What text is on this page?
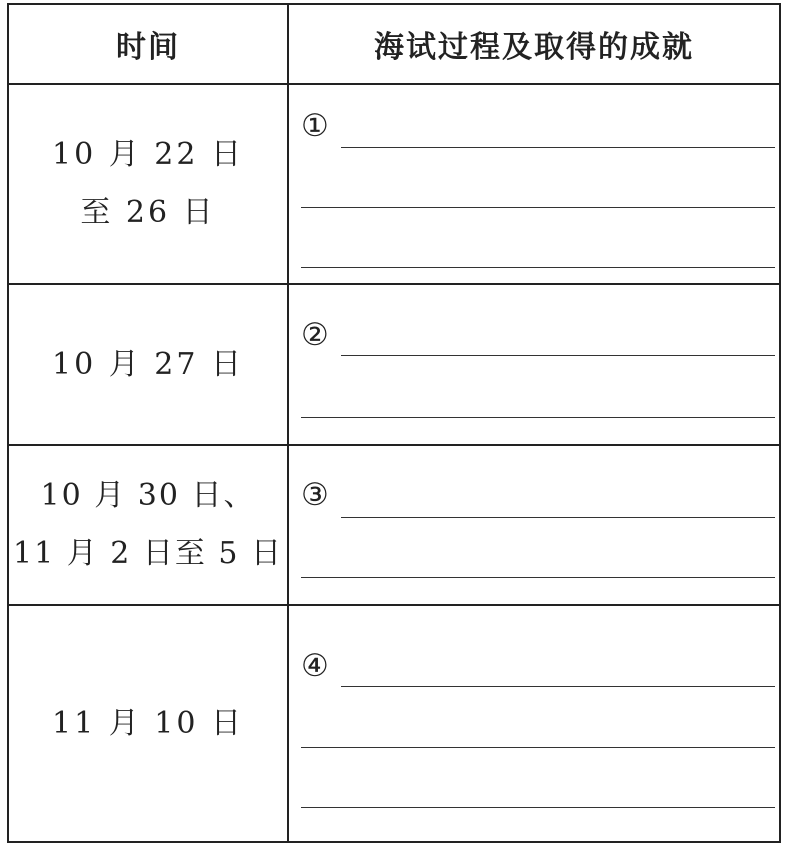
时间	海试过程及取得的成就
10 月 22 日
至 26 日
①
10 月 27 日
②
10 月 30 日、
11 月 2 日至 5 日
③
11 月 10 日
④
